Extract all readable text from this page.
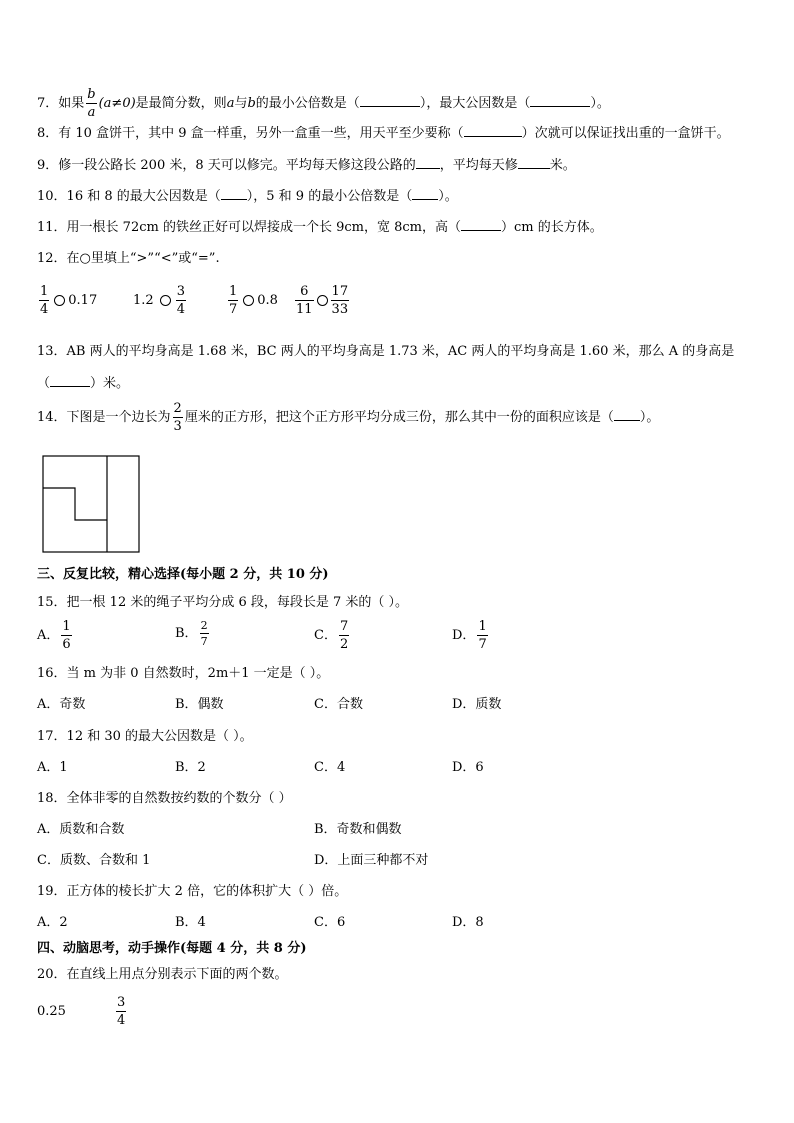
7．如果 $\frac{b}{a} (a\ne 0)$是最简分数，则a与b的最小公倍数是（	），最大公因数是（	）。
8．有 10 盒饼干，其中 9 盒一样重，另外一盒重一些，用天平至少要称（	）次就可以保证找出重的一盒饼干。
9．修一段公路长 200 米，8 天可以修完。平均每天修这段公路的 ，平均每天修 米。
10．16 和 8 的最大公因数是（ ），5 和 9 的最小公倍数是（ ）。
11．用一根长 72cm 的铁丝正好可以焊接成一个长 9cm，宽 8cm，高（	）cm 的长方体。
12．在○里填上“>”“<”或“=”.
$\frac{1}{4} 0.17$	$1.2 \frac{3}{4}$	$\frac{1}{7} 0.8 \frac{6}{11} \frac{17}{33}$
13．AB 两人的平均身高是 1.68 米，BC 两人的平均身高是 1.73 米，AC 两人的平均身高是 1.60 米，那么 A 的身高是
（	）米。
14．下图是一个边长为 $\frac{2}{3}$ 厘米的正方形，把这个正方形平均分成三份，那么其中一份的面积应该是（ ）。
三、反复比较，精心选择(每小题 2 分，共 10 分)
15．把一根 12 米的绳子平均分成 6 段，每段长是 7 米的（ ）。
A． $\frac{1}{6}$	B． $\frac{2}{7}$	C． $\frac{7}{2}$	D． $\frac{1}{7}$
16．当 m 为非 0 自然数时，2m＋1 一定是（ ）。
A．奇数	B．偶数	C．合数	D．质数
17．12 和 30 的最大公因数是（ ）。
A．1	B．2	C．4	D．6
18．全体非零的自然数按约数的个数分（ ）
A．质数和合数	B．奇数和偶数
C．质数、合数和 1	D．上面三种都不对
19．正方体的棱长扩大 2 倍，它的体积扩大（ ）倍。
A．2	B．4	C．6	D．8
四、动脑思考，动手操作(每题 4 分，共 8 分)
20．在直线上用点分别表示下面的两个数。
0.25	$\frac{3}{4}$
